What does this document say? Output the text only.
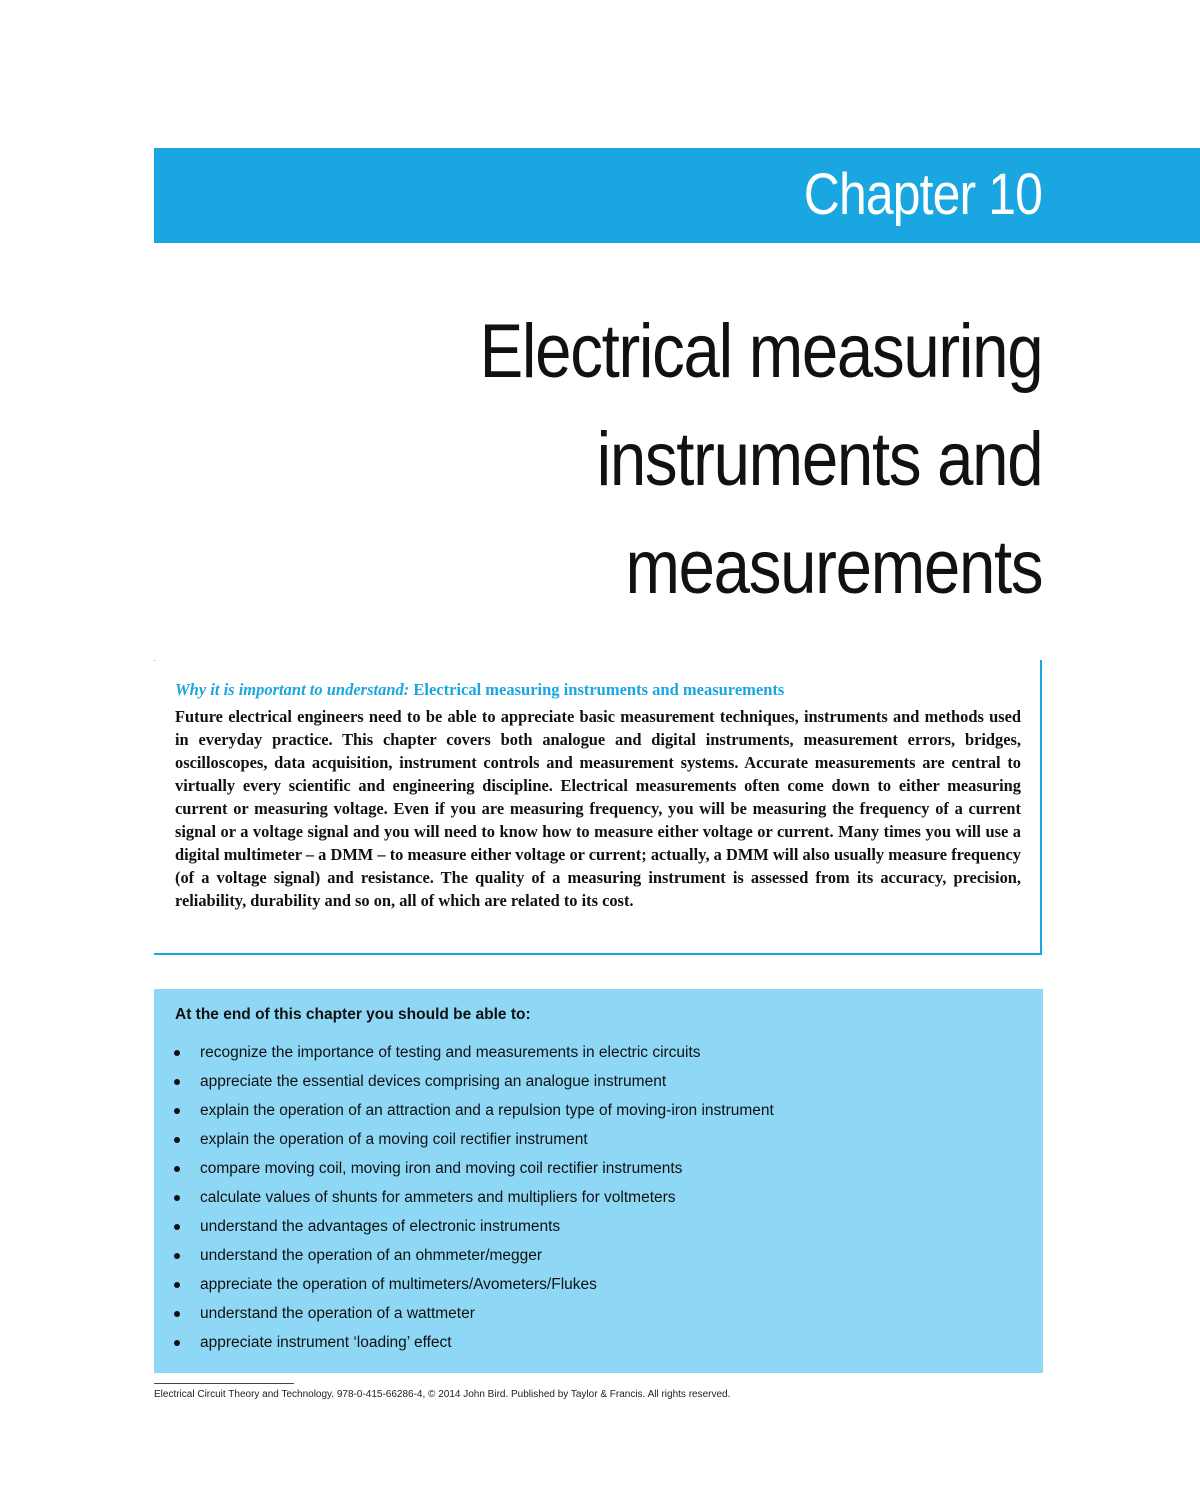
Chapter 10
Electrical measuring
instruments and
measurements
Why it is important to understand: Electrical measuring instruments and measurements
Future electrical engineers need to be able to appreciate basic measurement techniques, instruments and methods used in everyday practice. This chapter covers both analogue and digital instruments, measurement errors, bridges, oscilloscopes, data acquisition, instrument controls and measurement systems. Accurate measurements are central to virtually every scientific and engineering discipline. Electrical measurements often come down to either measuring current or measuring voltage. Even if you are measuring frequency, you will be measuring the frequency of a current signal or a voltage signal and you will need to know how to measure either voltage or current. Many times you will use a digital multimeter – a DMM – to measure either voltage or current; actually, a DMM will also usually measure frequency (of a voltage signal) and resistance. The quality of a measuring instrument is assessed from its accuracy, precision, reliability, durability and so on, all of which are related to its cost.
At the end of this chapter you should be able to:
recognize the importance of testing and measurements in electric circuits
appreciate the essential devices comprising an analogue instrument
explain the operation of an attraction and a repulsion type of moving-iron instrument
explain the operation of a moving coil rectifier instrument
compare moving coil, moving iron and moving coil rectifier instruments
calculate values of shunts for ammeters and multipliers for voltmeters
understand the advantages of electronic instruments
understand the operation of an ohmmeter/megger
appreciate the operation of multimeters/Avometers/Flukes
understand the operation of a wattmeter
appreciate instrument ‘loading’ effect
Electrical Circuit Theory and Technology. 978-0-415-66286-4, © 2014 John Bird. Published by Taylor & Francis. All rights reserved.
